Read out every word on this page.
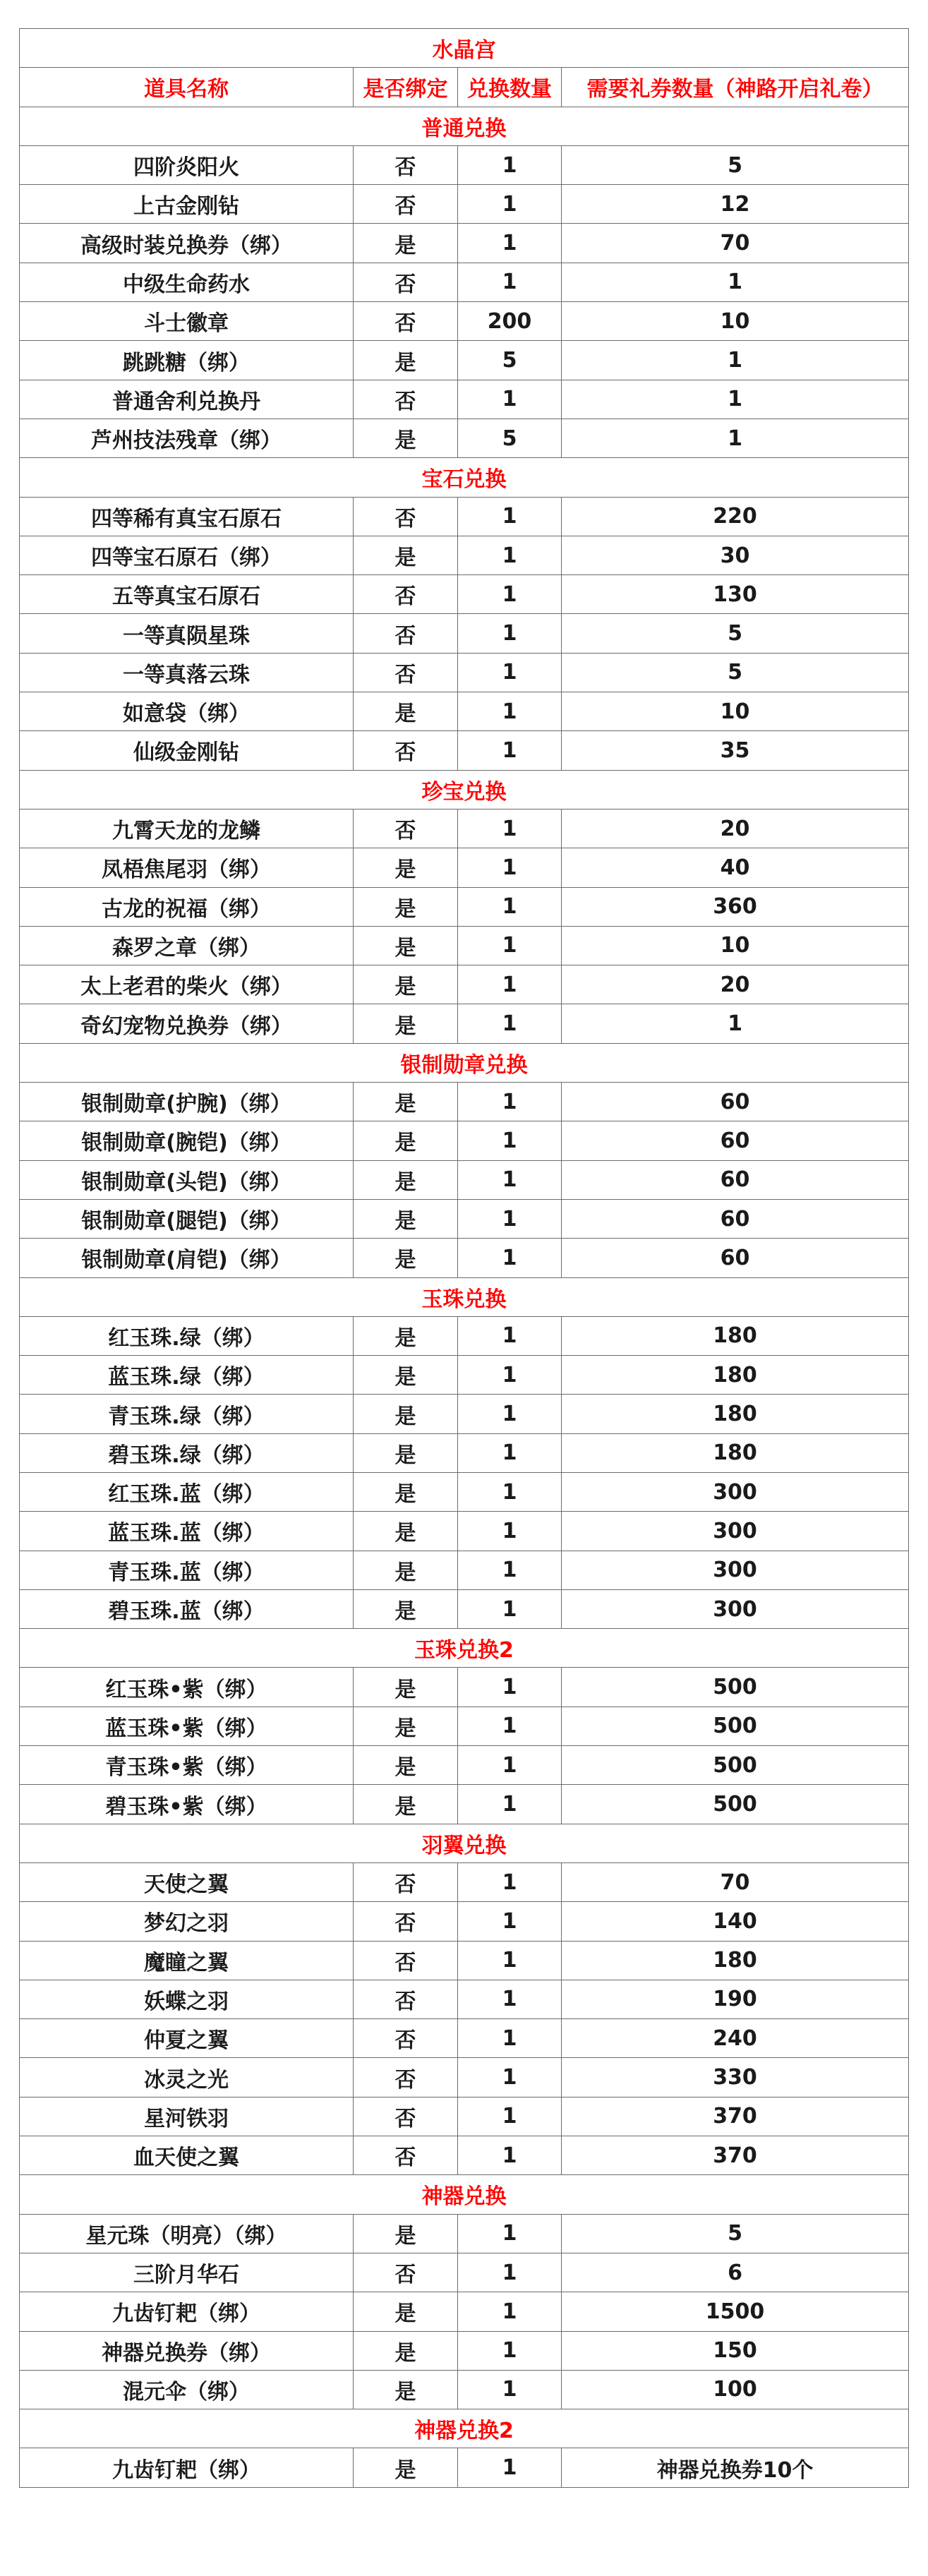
水晶宫			
道具名称	是否绑定	兑换数量	需要礼券数量（神路开启礼卷）
普通兑换			
四阶炎阳火	否	1	5
上古金刚钻	否	1	12
高级时装兑换券（绑）	是	1	70
中级生命药水	否	1	1
斗士徽章	否	200	10
跳跳糖（绑）	是	5	1
普通舍利兑换丹	否	1	1
芦州技法残章（绑）	是	5	1
宝石兑换			
四等稀有真宝石原石	否	1	220
四等宝石原石（绑）	是	1	30
五等真宝石原石	否	1	130
一等真陨星珠	否	1	5
一等真落云珠	否	1	5
如意袋（绑）	是	1	10
仙级金刚钻	否	1	35
珍宝兑换			
九霄天龙的龙鳞	否	1	20
凤梧焦尾羽（绑）	是	1	40
古龙的祝福（绑）	是	1	360
森罗之章（绑）	是	1	10
太上老君的柴火（绑）	是	1	20
奇幻宠物兑换券（绑）	是	1	1
银制勋章兑换			
银制勋章(护腕)（绑）	是	1	60
银制勋章(腕铠)（绑）	是	1	60
银制勋章(头铠)（绑）	是	1	60
银制勋章(腿铠)（绑）	是	1	60
银制勋章(肩铠)（绑）	是	1	60
玉珠兑换			
红玉珠.绿（绑）	是	1	180
蓝玉珠.绿（绑）	是	1	180
青玉珠.绿（绑）	是	1	180
碧玉珠.绿（绑）	是	1	180
红玉珠.蓝（绑）	是	1	300
蓝玉珠.蓝（绑）	是	1	300
青玉珠.蓝（绑）	是	1	300
碧玉珠.蓝（绑）	是	1	300
玉珠兑换2			
红玉珠•紫（绑）	是	1	500
蓝玉珠•紫（绑）	是	1	500
青玉珠•紫（绑）	是	1	500
碧玉珠•紫（绑）	是	1	500
羽翼兑换			
天使之翼	否	1	70
梦幻之羽	否	1	140
魔瞳之翼	否	1	180
妖蝶之羽	否	1	190
仲夏之翼	否	1	240
冰灵之光	否	1	330
星河铁羽	否	1	370
血天使之翼	否	1	370
神器兑换			
星元珠（明亮）（绑）	是	1	5
三阶月华石	否	1	6
九齿钉耙（绑）	是	1	1500
神器兑换券（绑）	是	1	150
混元伞（绑）	是	1	100
神器兑换2			
九齿钉耙（绑）	是	1	神器兑换券10个
